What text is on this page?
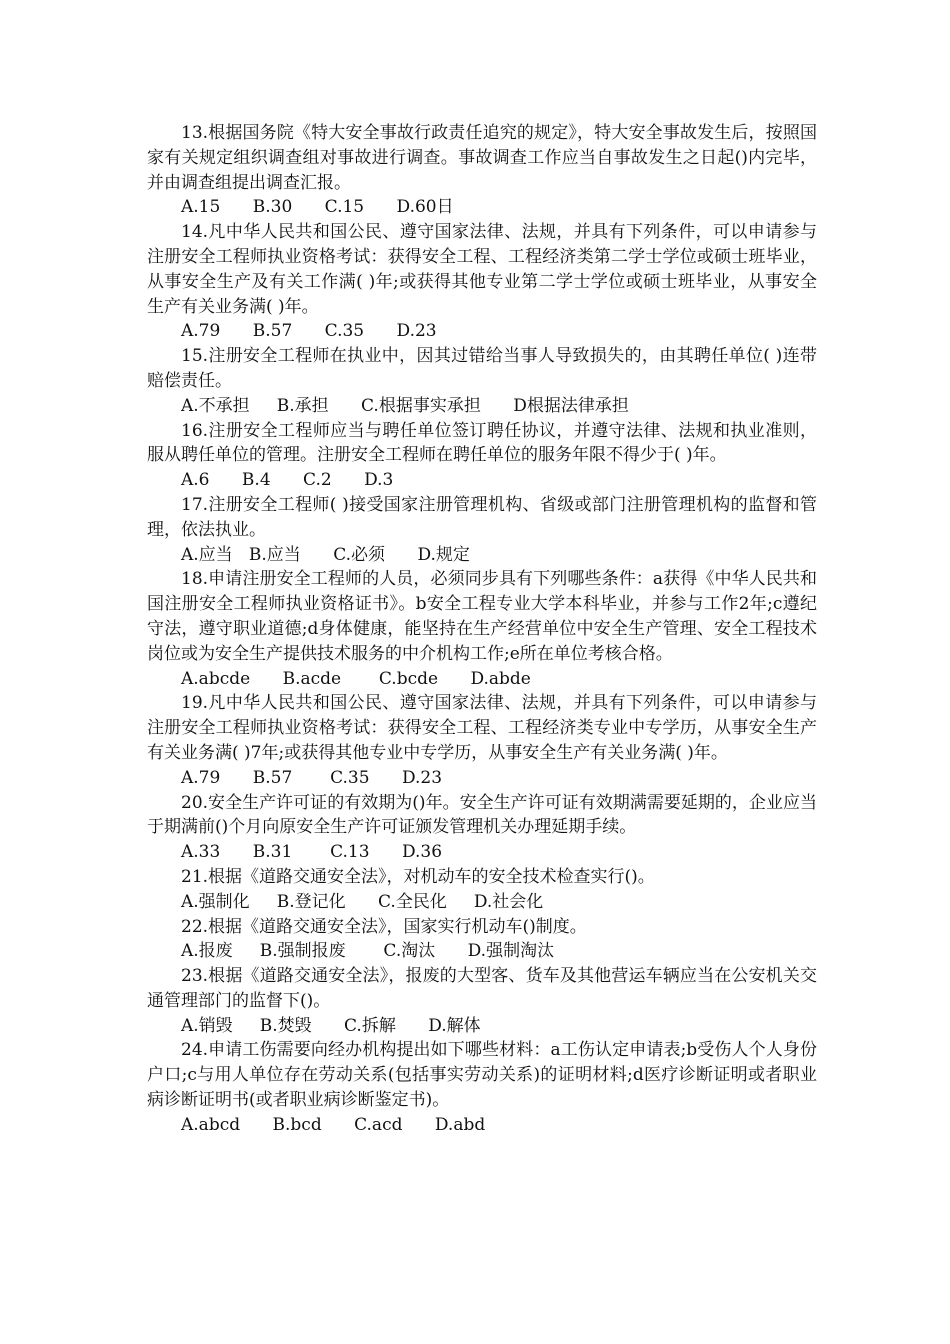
13.根据国务院《特大安全事故行政责任追究的规定》，特大安全事故发生后，按照国家有关规定组织调查组对事故进行调查。事故调查工作应当自事故发生之日起()内完毕，并由调查组提出调查汇报。

A.15      B.30      C.15      D.60日

14.凡中华人民共和国公民、遵守国家法律、法规，并具有下列条件，可以申请参与注册安全工程师执业资格考试：获得安全工程、工程经济类第二学士学位或硕士班毕业，从事安全生产及有关工作满( )年;或获得其他专业第二学士学位或硕士班毕业，从事安全生产有关业务满( )年。

A.79      B.57      C.35      D.23

15.注册安全工程师在执业中，因其过错给当事人导致损失的，由其聘任单位( )连带赔偿责任。

A.不承担     B.承担      C.根据事实承担      D根据法律承担

16.注册安全工程师应当与聘任单位签订聘任协议，并遵守法律、法规和执业准则，服从聘任单位的管理。注册安全工程师在聘任单位的服务年限不得少于( )年。

A.6      B.4      C.2      D.3

17.注册安全工程师( )接受国家注册管理机构、省级或部门注册管理机构的监督和管理，依法执业。

A.应当   B.应当      C.必须      D.规定

18.申请注册安全工程师的人员，必须同步具有下列哪些条件：a获得《中华人民共和国注册安全工程师执业资格证书》。b安全工程专业大学本科毕业，并参与工作2年;c遵纪守法，遵守职业道德;d身体健康，能坚持在生产经营单位中安全生产管理、安全工程技术岗位或为安全生产提供技术服务的中介机构工作;e所在单位考核合格。

A.abcde      B.acde       C.bcde      D.abde

19.凡中华人民共和国公民、遵守国家法律、法规，并具有下列条件，可以申请参与注册安全工程师执业资格考试：获得安全工程、工程经济类专业中专学历，从事安全生产有关业务满( )7年;或获得其他专业中专学历，从事安全生产有关业务满( )年。

A.79      B.57       C.35      D.23

20.安全生产许可证的有效期为()年。安全生产许可证有效期满需要延期的，企业应当于期满前()个月向原安全生产许可证颁发管理机关办理延期手续。

A.33      B.31       C.13      D.36

21.根据《道路交通安全法》，对机动车的安全技术检查实行()。

A.强制化     B.登记化      C.全民化     D.社会化

22.根据《道路交通安全法》，国家实行机动车()制度。

A.报废     B.强制报废       C.淘汰      D.强制淘汰

23.根据《道路交通安全法》，报废的大型客、货车及其他营运车辆应当在公安机关交通管理部门的监督下()。

A.销毁     B.焚毁      C.拆解      D.解体

24.申请工伤需要向经办机构提出如下哪些材料：a工伤认定申请表;b受伤人个人身份户口;c与用人单位存在劳动关系(包括事实劳动关系)的证明材料;d医疗诊断证明或者职业病诊断证明书(或者职业病诊断鉴定书)。

A.abcd      B.bcd      C.acd      D.abd
